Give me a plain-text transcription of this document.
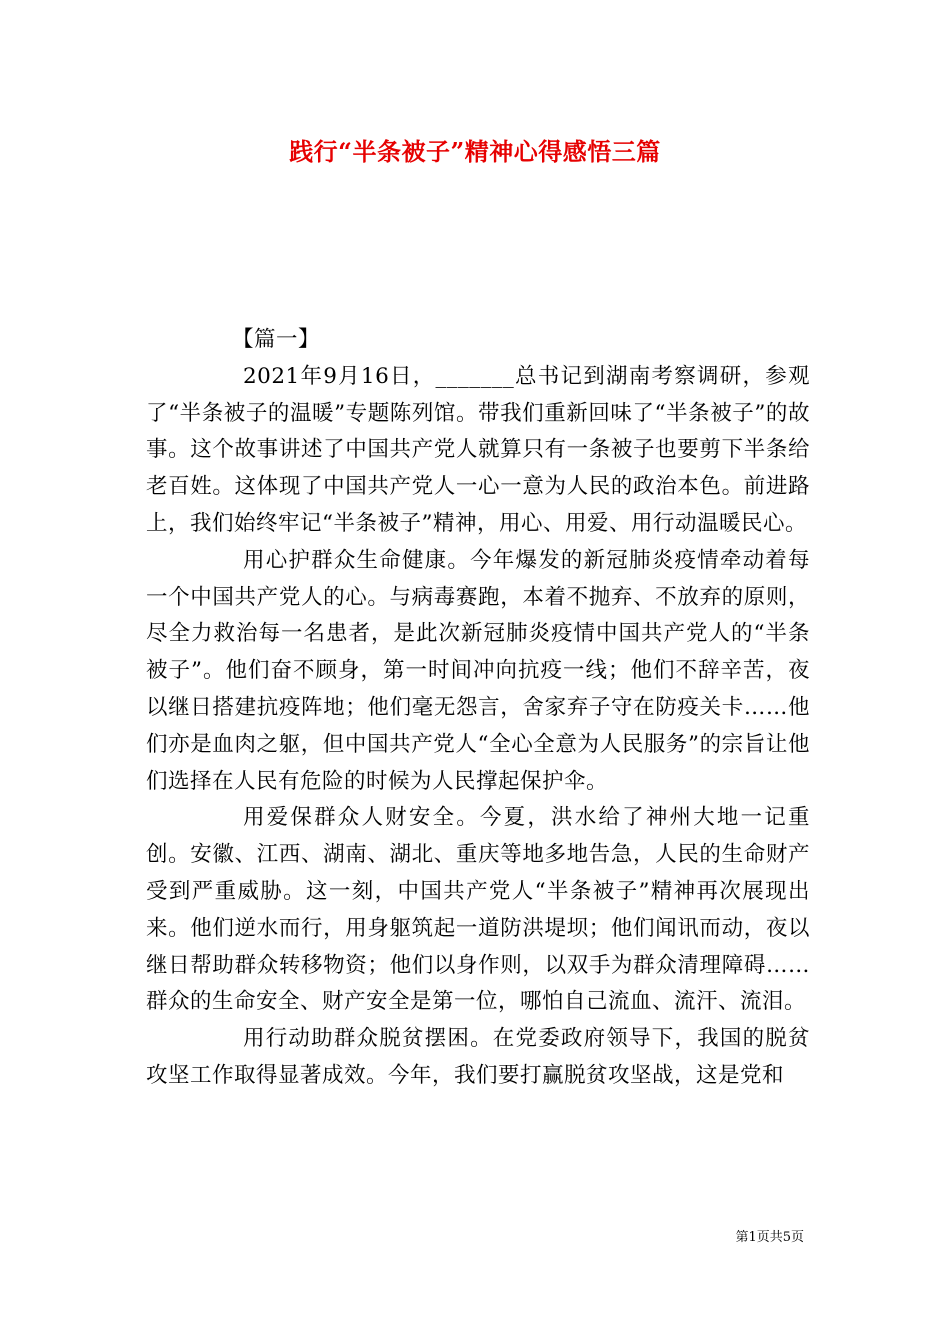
践行“半条被子”精神心得感悟三篇

【篇一】

2021年9月16日，_______总书记到湖南考察调研，参观了“半条被子的温暖”专题陈列馆。带我们重新回味了“半条被子”的故事。这个故事讲述了中国共产党人就算只有一条被子也要剪下半条给老百姓。这体现了中国共产党人一心一意为人民的政治本色。前进路上，我们始终牢记“半条被子”精神，用心、用爱、用行动温暖民心。

用心护群众生命健康。今年爆发的新冠肺炎疫情牵动着每一个中国共产党人的心。与病毒赛跑，本着不抛弃、不放弃的原则，尽全力救治每一名患者，是此次新冠肺炎疫情中国共产党人的“半条被子”。他们奋不顾身，第一时间冲向抗疫一线；他们不辞辛苦，夜以继日搭建抗疫阵地；他们毫无怨言，舍家弃子守在防疫关卡……他们亦是血肉之躯，但中国共产党人“全心全意为人民服务”的宗旨让他们选择在人民有危险的时候为人民撑起保护伞。

用爱保群众人财安全。今夏，洪水给了神州大地一记重创。安徽、江西、湖南、湖北、重庆等地多地告急，人民的生命财产受到严重威胁。这一刻，中国共产党人“半条被子”精神再次展现出来。他们逆水而行，用身躯筑起一道防洪堤坝；他们闻讯而动，夜以继日帮助群众转移物资；他们以身作则，以双手为群众清理障碍……群众的生命安全、财产安全是第一位，哪怕自己流血、流汗、流泪。

用行动助群众脱贫摆困。在党委政府领导下，我国的脱贫攻坚工作取得显著成效。今年，我们要打赢脱贫攻坚战，这是党和

第1页共5页
